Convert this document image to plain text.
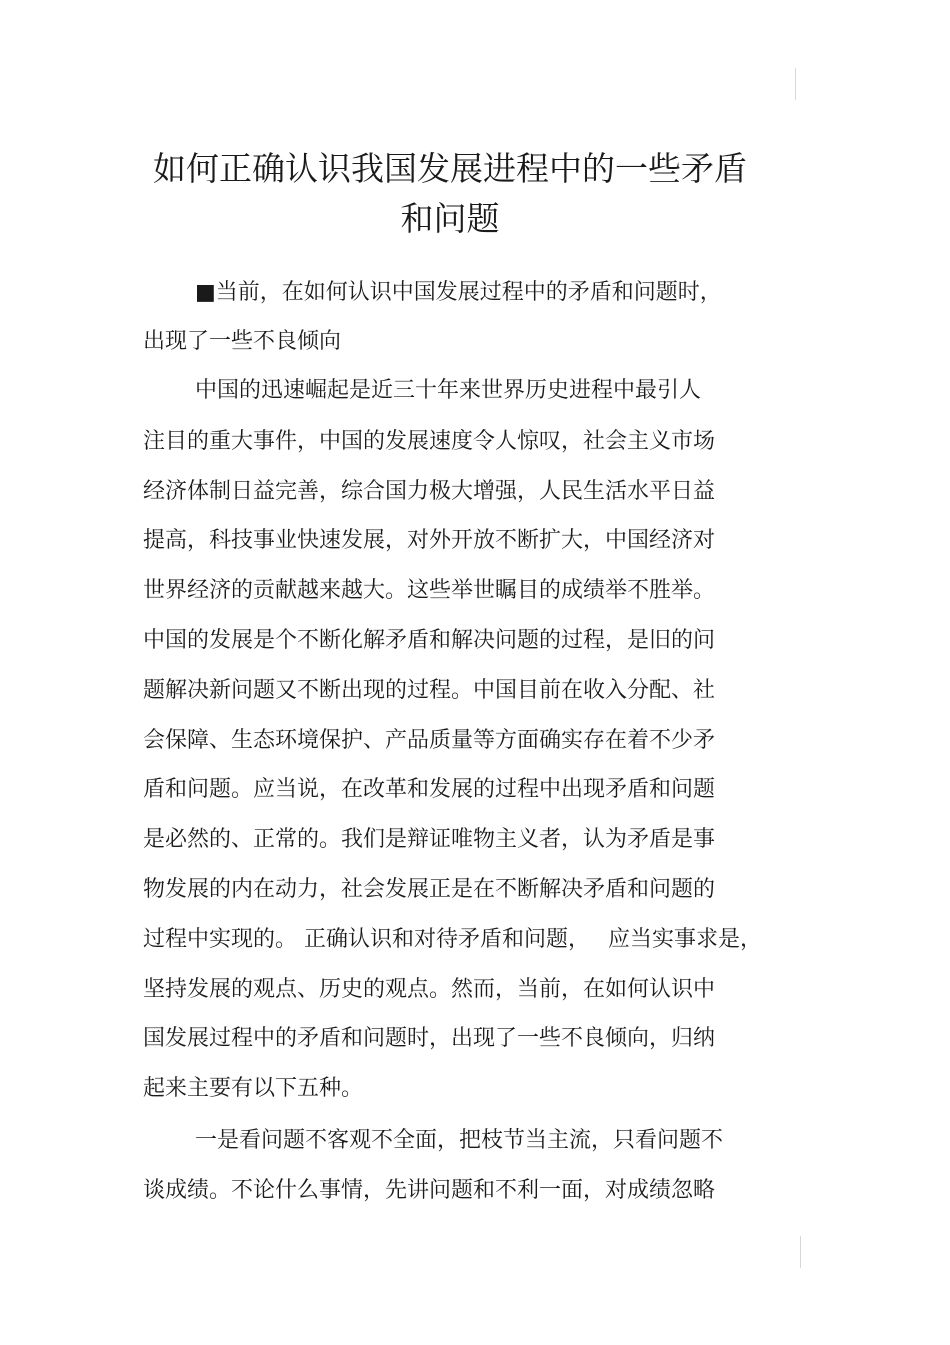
如何正确认识我国发展进程中的一些矛盾
和问题
■当前，在如何认识中国发展过程中的矛盾和问题时，
出现了一些不良倾向
中国的迅速崛起是近三十年来世界历史进程中最引人
注目的重大事件，中国的发展速度令人惊叹，社会主义市场
经济体制日益完善，综合国力极大增强，人民生活水平日益
提高，科技事业快速发展，对外开放不断扩大，中国经济对
世界经济的贡献越来越大。这些举世瞩目的成绩举不胜举。
中国的发展是个不断化解矛盾和解决问题的过程，是旧的问
题解决新问题又不断出现的过程。中国目前在收入分配、社
会保障、生态环境保护、产品质量等方面确实存在着不少矛
盾和问题。应当说，在改革和发展的过程中出现矛盾和问题
是必然的、正常的。我们是辩证唯物主义者，认为矛盾是事
物发展的内在动力，社会发展正是在不断解决矛盾和问题的
过程中实现的。 正确认识和对待矛盾和问题，　 应当实事求是，
坚持发展的观点、历史的观点。然而，当前，在如何认识中
国发展过程中的矛盾和问题时，出现了一些不良倾向，归纳
起来主要有以下五种。
一是看问题不客观不全面，把枝节当主流，只看问题不
谈成绩。不论什么事情，先讲问题和不利一面，对成绩忽略
